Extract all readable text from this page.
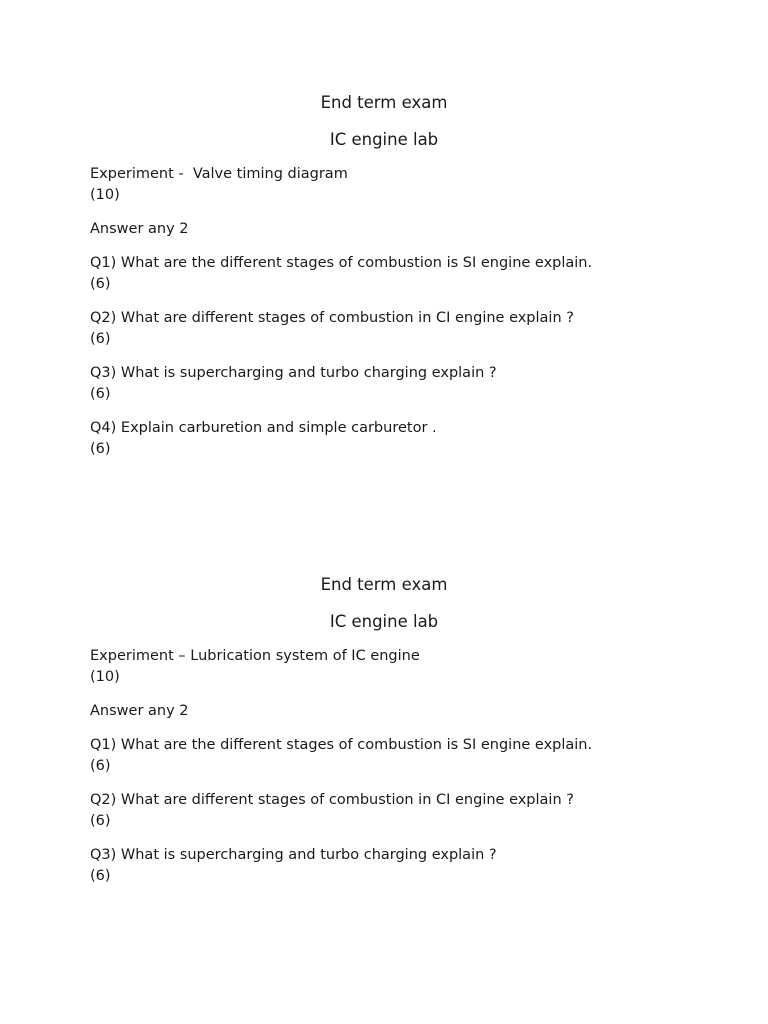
End term exam

IC engine lab

Experiment -  Valve timing diagram

(10)

Answer any 2

Q1) What are the different stages of combustion is SI engine explain.

(6)

Q2) What are different stages of combustion in CI engine explain ?

(6)

Q3) What is supercharging and turbo charging explain ?

(6)

Q4) Explain carburetion and simple carburetor .

(6)

End term exam

IC engine lab

Experiment – Lubrication system of IC engine

(10)

Answer any 2

Q1) What are the different stages of combustion is SI engine explain.

(6)

Q2) What are different stages of combustion in CI engine explain ?

(6)

Q3) What is supercharging and turbo charging explain ?

(6)
